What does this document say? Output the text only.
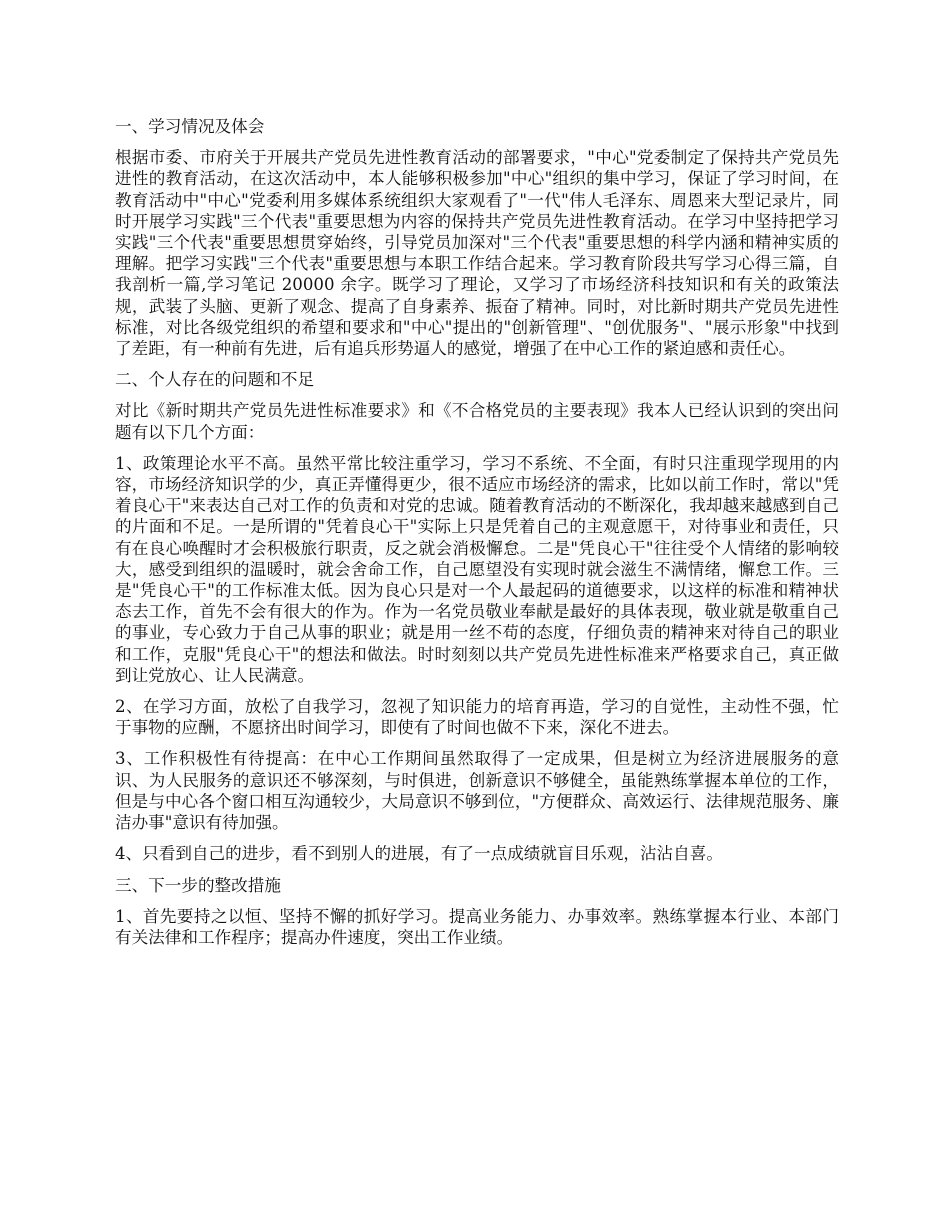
一、学习情况及体会

根据市委、市府关于开展共产党员先进性教育活动的部署要求，"中心"党委制定了保持共产党员先进性的教育活动，在这次活动中，本人能够积极参加"中心"组织的集中学习，保证了学习时间，在教育活动中"中心"党委利用多媒体系统组织大家观看了"一代"伟人毛泽东、周恩来大型记录片，同时开展学习实践"三个代表"重要思想为内容的保持共产党员先进性教育活动。在学习中坚持把学习实践"三个代表"重要思想贯穿始终，引导党员加深对"三个代表"重要思想的科学内涵和精神实质的理解。把学习实践"三个代表"重要思想与本职工作结合起来。学习教育阶段共写学习心得三篇，自我剖析一篇,学习笔记 20000 余字。既学习了理论，又学习了市场经济科技知识和有关的政策法规，武装了头脑、更新了观念、提高了自身素养、振奋了精神。同时，对比新时期共产党员先进性标准，对比各级党组织的希望和要求和"中心"提出的"创新管理"、"创优服务"、"展示形象"中找到了差距，有一种前有先进，后有追兵形势逼人的感觉，增强了在中心工作的紧迫感和责任心。

二、个人存在的问题和不足

对比《新时期共产党员先进性标准要求》和《不合格党员的主要表现》我本人已经认识到的突出问题有以下几个方面：

1、政策理论水平不高。虽然平常比较注重学习，学习不系统、不全面，有时只注重现学现用的内容，市场经济知识学的少，真正弄懂得更少，很不适应市场经济的需求，比如以前工作时，常以"凭着良心干"来表达自己对工作的负责和对党的忠诚。随着教育活动的不断深化，我却越来越感到自己的片面和不足。一是所谓的"凭着良心干"实际上只是凭着自己的主观意愿干，对待事业和责任，只有在良心唤醒时才会积极旅行职责，反之就会消极懈怠。二是"凭良心干"往往受个人情绪的影响较大，感受到组织的温暖时，就会舍命工作，自己愿望没有实现时就会滋生不满情绪，懈怠工作。三是"凭良心干"的工作标准太低。因为良心只是对一个人最起码的道德要求，以这样的标准和精神状态去工作，首先不会有很大的作为。作为一名党员敬业奉献是最好的具体表现，敬业就是敬重自己的事业，专心致力于自己从事的职业；就是用一丝不苟的态度，仔细负责的精神来对待自己的职业和工作，克服"凭良心干"的想法和做法。时时刻刻以共产党员先进性标准来严格要求自己，真正做到让党放心、让人民满意。

2、在学习方面，放松了自我学习，忽视了知识能力的培育再造，学习的自觉性，主动性不强，忙于事物的应酬，不愿挤出时间学习，即使有了时间也做不下来，深化不进去。

3、工作积极性有待提高：在中心工作期间虽然取得了一定成果，但是树立为经济进展服务的意识、为人民服务的意识还不够深刻，与时俱进，创新意识不够健全，虽能熟练掌握本单位的工作，但是与中心各个窗口相互沟通较少，大局意识不够到位，"方便群众、高效运行、法律规范服务、廉洁办事"意识有待加强。

4、只看到自己的进步，看不到别人的进展，有了一点成绩就盲目乐观，沾沾自喜。

三、下一步的整改措施

1、首先要持之以恒、坚持不懈的抓好学习。提高业务能力、办事效率。熟练掌握本行业、本部门有关法律和工作程序；提高办件速度，突出工作业绩。
